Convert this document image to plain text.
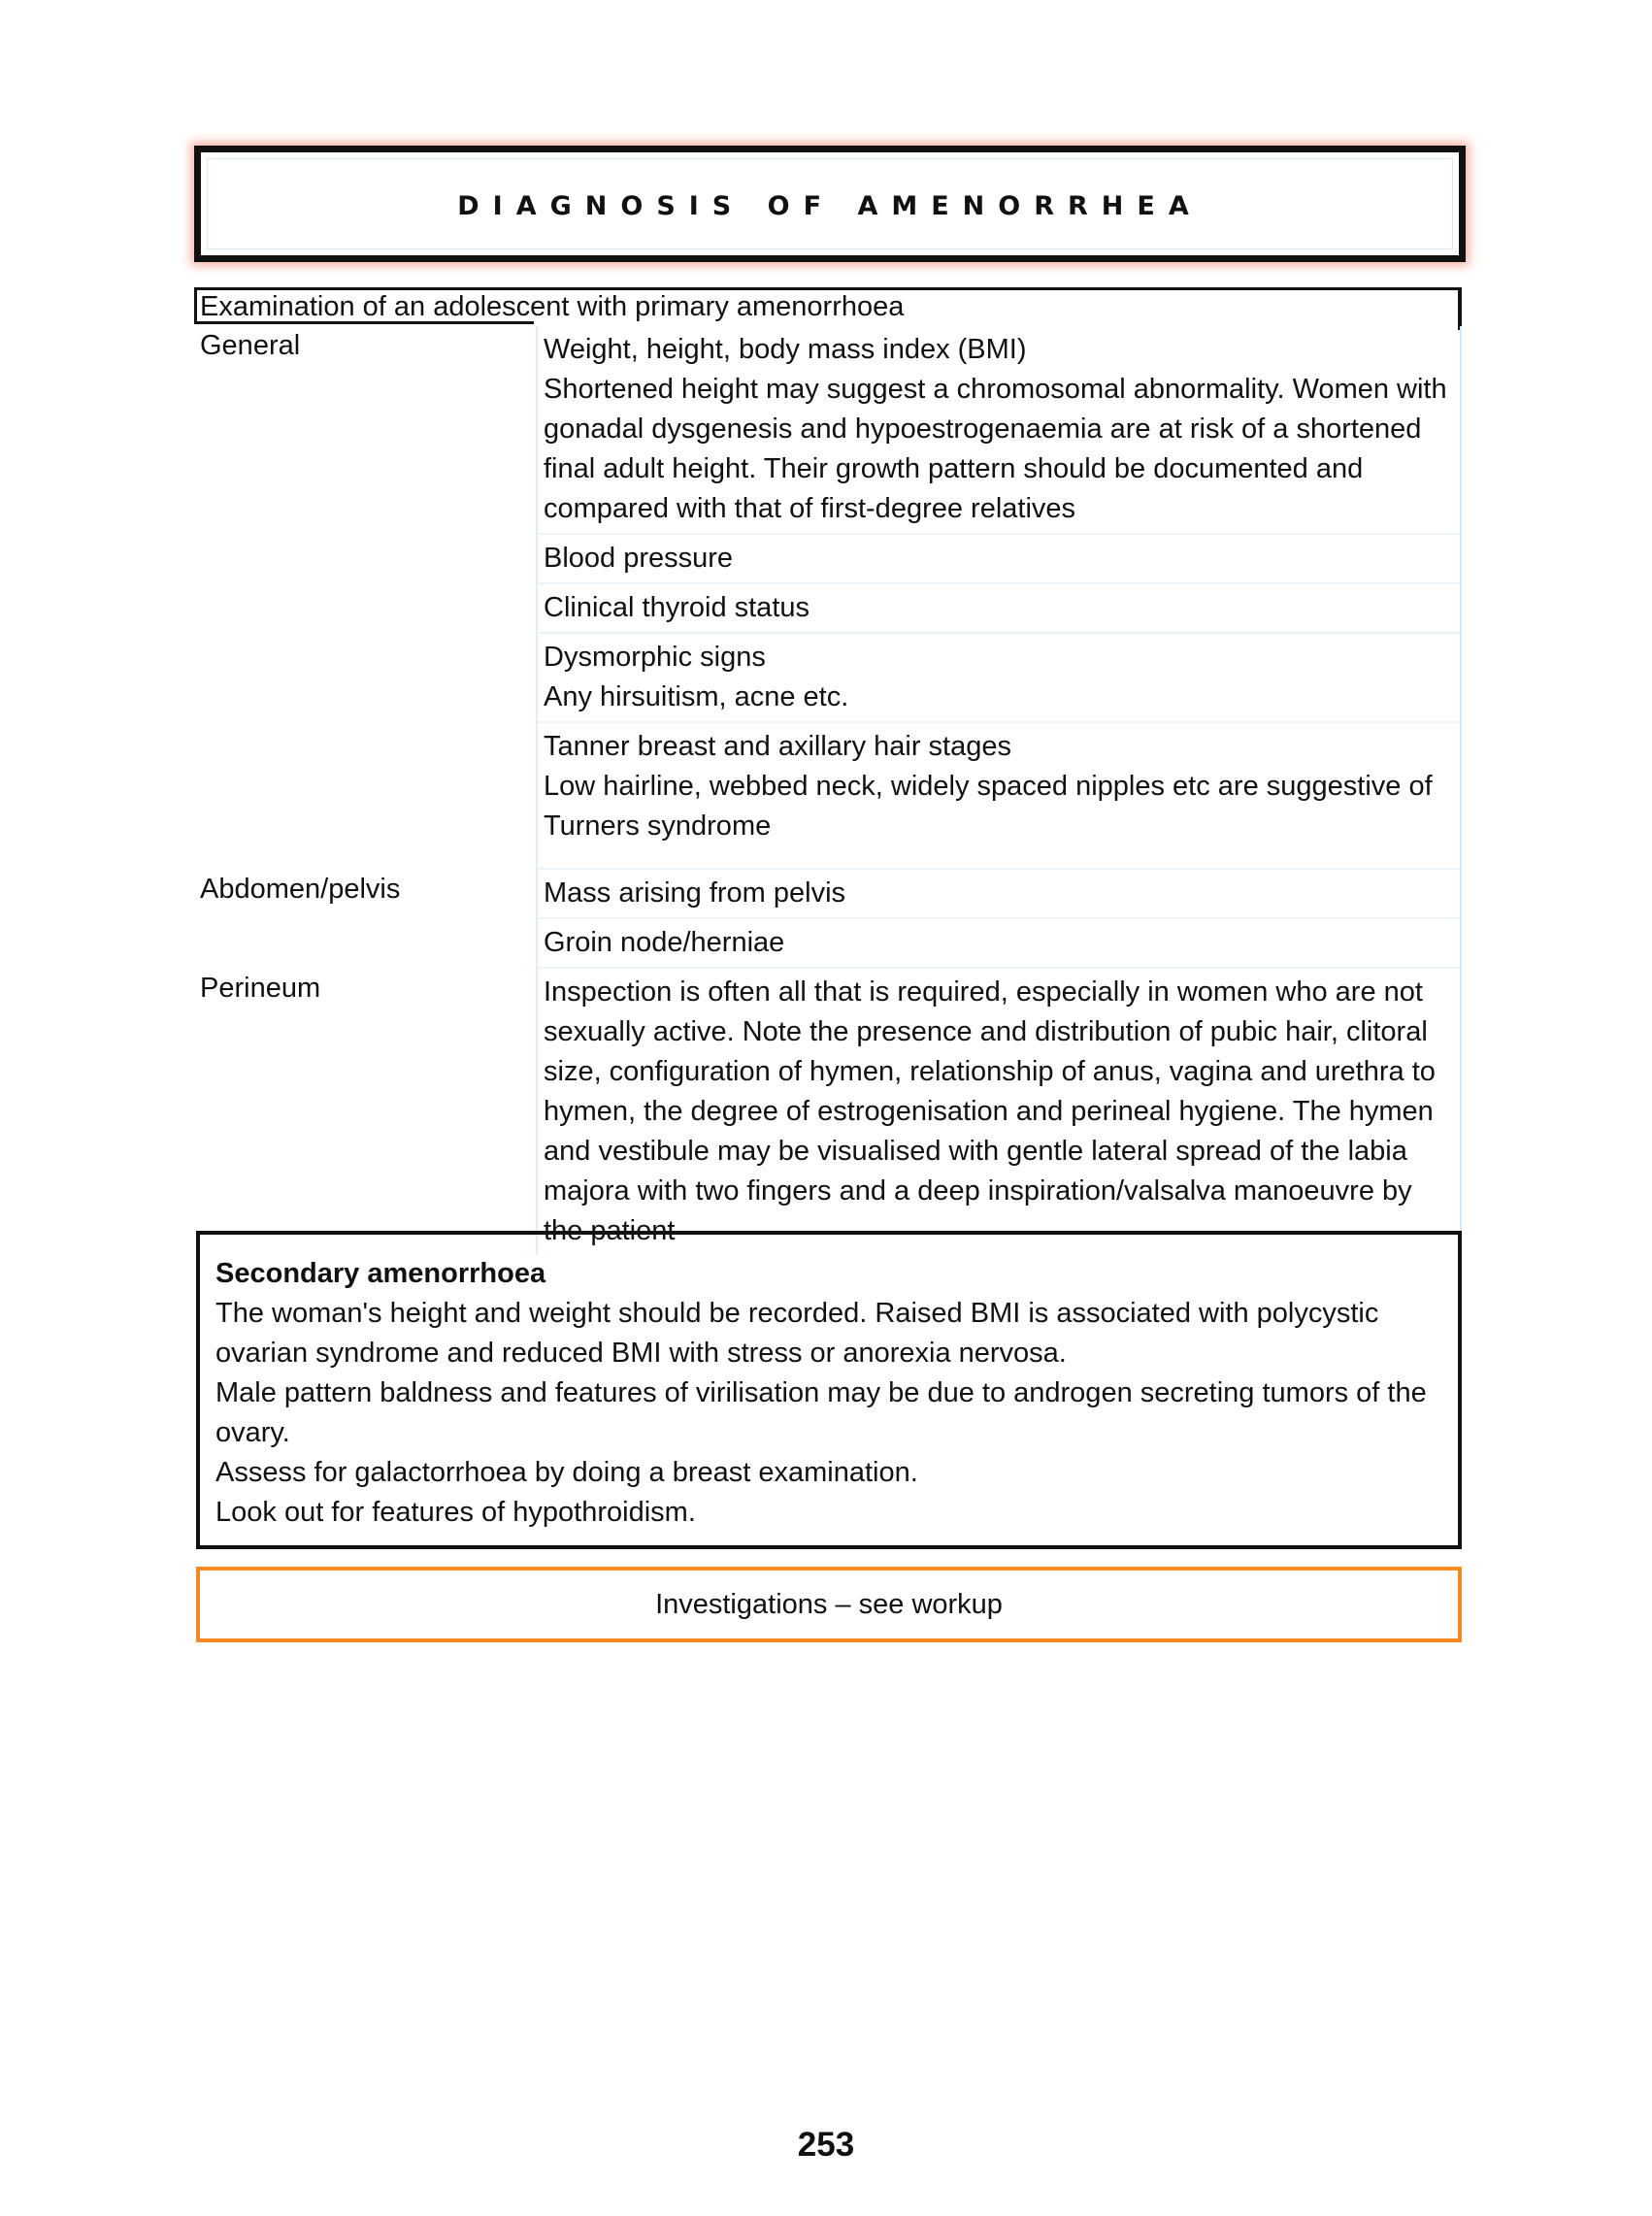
DIAGNOSIS OF AMENORRHEA
Examination of an adolescent with primary amenorrhoea
General	Weight, height, body mass index (BMI)

Shortened height may suggest a chromosomal abnormality. Women with gonadal dysgenesis and hypoestrogenaemia are at risk of a shortened final adult height. Their growth pattern should be documented and compared with that of first-degree relatives

Blood pressure

Clinical thyroid status

Dysmorphic signs

Any hirsuitism, acne etc.

Tanner breast and axillary hair stages

Low hairline, webbed neck, widely spaced nipples etc are suggestive of Turners syndrome

Abdomen/pelvis	Mass arising from pelvis

Groin node/herniae

Perineum	Inspection is often all that is required, especially in women who are not sexually active. Note the presence and distribution of pubic hair, clitoral size, configuration of hymen, relationship of anus, vagina and urethra to hymen, the degree of estrogenisation and perineal hygiene. The hymen and vestibule may be visualised with gentle lateral spread of the labia majora with two fingers and a deep inspiration/valsalva manoeuvre by the patient

Secondary amenorrhoea

The woman's height and weight should be recorded. Raised BMI is associated with polycystic ovarian syndrome and reduced BMI with stress or anorexia nervosa.

Male pattern baldness and features of virilisation may be due to androgen secreting tumors of the ovary.

Assess for galactorrhoea by doing a breast examination.

Look out for features of hypothroidism.

Investigations – see workup
253
